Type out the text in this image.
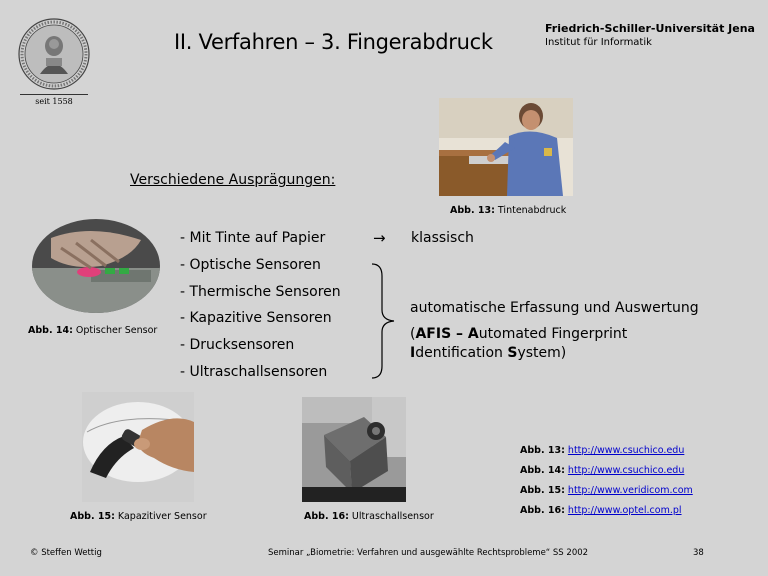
seit 1558
II. Verfahren – 3. Fingerabdruck
Friedrich-Schiller-Universität Jena
Institut für Informatik
Verschiedene Ausprägungen:
- Mit Tinte auf Papier
- Optische Sensoren
- Thermische Sensoren
- Kapazitive Sensoren
- Drucksensoren
- Ultraschallsensoren
→ klassisch
automatische Erfassung und Auswertung
(AFIS – Automated Fingerprint
Identification System)
Abb. 13: Tintenabdruck
Abb. 14: Optischer Sensor
Abb. 15: Kapazitiver Sensor	Abb. 16: Ultraschallsensor
Abb. 13: http://www.csuchico.edu
Abb. 14: http://www.csuchico.edu
Abb. 15: http://www.veridicom.com
Abb. 16: http://www.optel.com.pl
© Steffen Wettig	Seminar „Biometrie: Verfahren und ausgewählte Rechtsprobleme“ SS 2002	38
